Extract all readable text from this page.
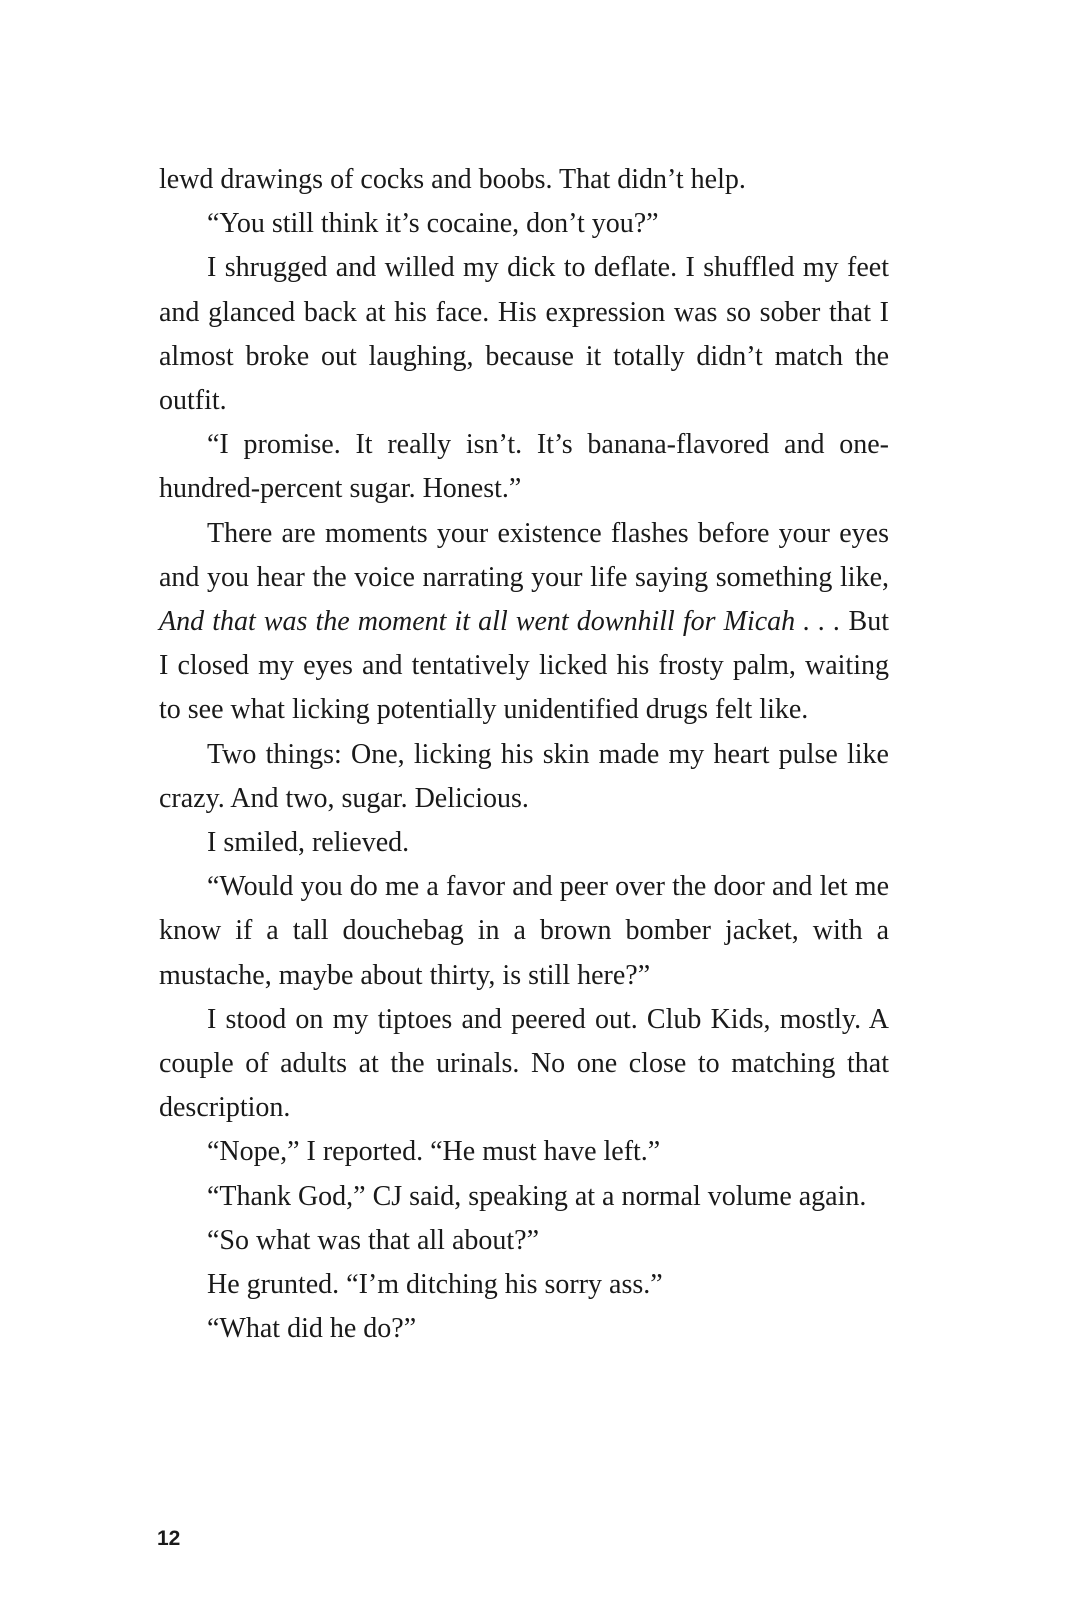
lewd drawings of cocks and boobs. That didn’t help.

“You still think it’s cocaine, don’t you?”

I shrugged and willed my dick to deflate. I shuffled my feet and glanced back at his face. His expression was so sober that I almost broke out laughing, because it totally didn’t match the outfit.

“I promise. It really isn’t. It’s banana-flavored and one-hundred-percent sugar. Honest.”

There are moments your existence flashes before your eyes and you hear the voice narrating your life saying something like, And that was the moment it all went downhill for Micah . . . But I closed my eyes and tentatively licked his frosty palm, waiting to see what licking potentially unidentified drugs felt like.

Two things: One, licking his skin made my heart pulse like crazy. And two, sugar. Delicious.

I smiled, relieved.

“Would you do me a favor and peer over the door and let me know if a tall douchebag in a brown bomber jacket, with a mustache, maybe about thirty, is still here?”

I stood on my tiptoes and peered out. Club Kids, mostly. A couple of adults at the urinals. No one close to matching that description.

“Nope,” I reported. “He must have left.”

“Thank God,” CJ said, speaking at a normal volume again.

“So what was that all about?”

He grunted. “I’m ditching his sorry ass.”

“What did he do?”

12
